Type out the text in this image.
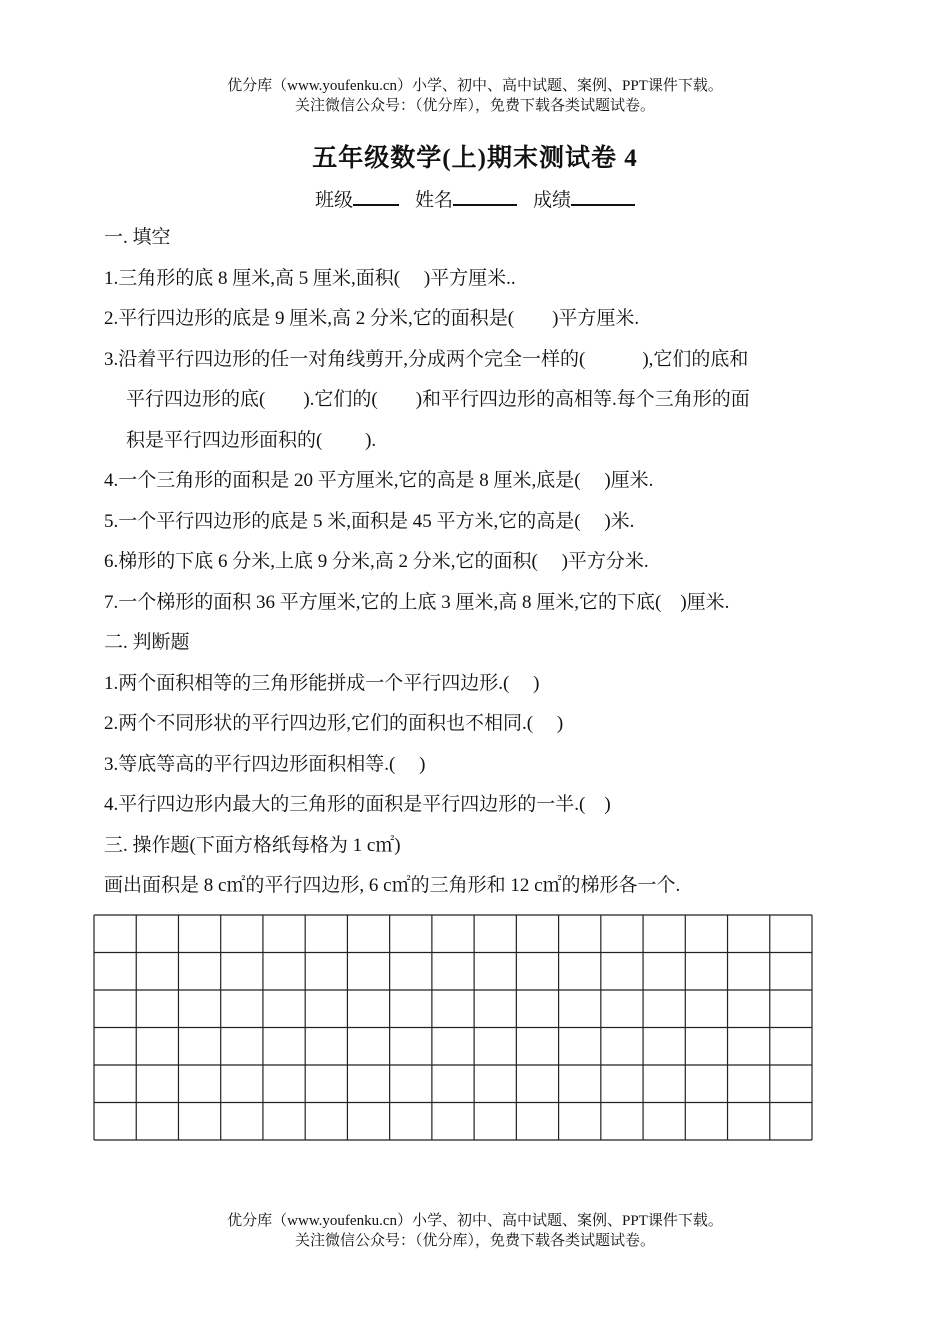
优分库（www.youfenku.cn）小学、初中、高中试题、案例、PPT课件下载。
关注微信公众号：（优分库），免费下载各类试题试卷。
五年级数学(上)期末测试卷 4
班级	姓名	成绩
一. 填空
1.三角形的底 8 厘米,高 5 厘米,面积(　 )平方厘米..
2.平行四边形的底是 9 厘米,高 2 分米,它的面积是(　　)平方厘米.
3.沿着平行四边形的任一对角线剪开,分成两个完全一样的(　　　),它们的底和
平行四边形的底(　　).它们的(　　)和平行四边形的高相等.每个三角形的面
积是平行四边形面积的(　　 ).
4.一个三角形的面积是 20 平方厘米,它的高是 8 厘米,底是(　 )厘米.
5.一个平行四边形的底是 5 米,面积是 45 平方米,它的高是(　 )米.
6.梯形的下底 6 分米,上底 9 分米,高 2 分米,它的面积(　 )平方分米.
7.一个梯形的面积 36 平方厘米,它的上底 3 厘米,高 8 厘米,它的下底(　)厘米.
二. 判断题
1.两个面积相等的三角形能拼成一个平行四边形.(　 )
2.两个不同形状的平行四边形,它们的面积也不相同.(　 )
3.等底等高的平行四边形面积相等.(　 )
4.平行四边形内最大的三角形的面积是平行四边形的一半.(　)
三. 操作题(下面方格纸每格为 1 c㎡)
画出面积是 8 c㎡的平行四边形, 6 c㎡的三角形和 12 c㎡的梯形各一个.
优分库（www.youfenku.cn）小学、初中、高中试题、案例、PPT课件下载。
关注微信公众号：（优分库），免费下载各类试题试卷。
